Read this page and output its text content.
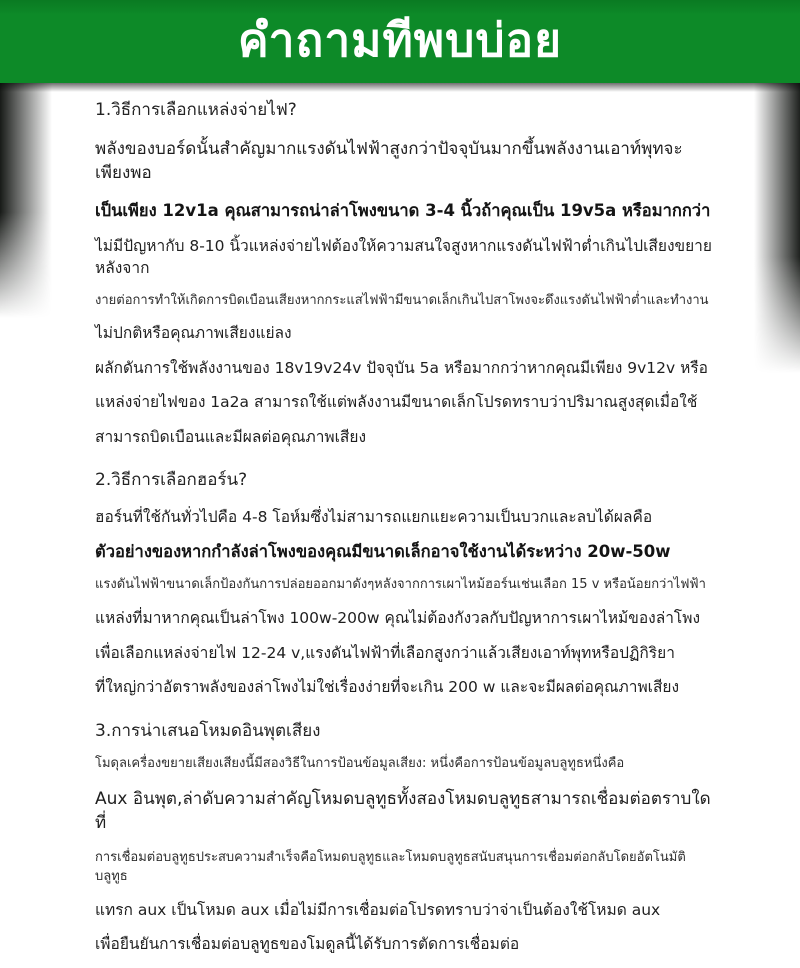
คำถามทีพบบ่อย
1.วิธีการเลือกแหล่งจ่ายไฟ?
พลังของบอร์ดนั้นสำคัญมากแรงดันไฟฟ้าสูงกว่าปัจจุบันมากขึ้นพลังงานเอาท์พุทจะเพียงพอ
เป็นเพียง 12v1a คุณสามารถน่าล่าโพงขนาด 3-4 นิ้วถ้าคุณเป็น 19v5a หรือมากกว่า
ไม่มีปัญหากับ 8-10 นิ้วแหล่งจ่ายไฟต้องให้ความสนใจสูงหากแรงดันไฟฟ้าต่ำเกินไปเสียงขยายหลังจาก
งายต่อการทำให้เกิดการบิดเบือนเสียงหากกระแสไฟฟ้ามีขนาดเล็กเกินไปสาโพงจะดึงแรงดันไฟฟ้าต่ำและทำงาน
ไม่ปกติหรือคุณภาพเสียงแย่ลง
ผลักดันการใช้พลังงานของ 18v19v24v ปัจจุบัน 5a หรือมากกว่าหากคุณมีเพียง 9v12v หรือ
แหล่งจ่ายไฟของ 1a2a สามารถใช้แต่พลังงานมีขนาดเล็กโปรดทราบว่าปริมาณสูงสุดเมื่อใช้
สามารถบิดเบือนและมีผลต่อคุณภาพเสียง
2.วิธีการเลือกฮอร์น?
ฮอร์นที่ใช้กันทั่วไปคือ 4-8 โอห์มซึ่งไม่สามารถแยกแยะความเป็นบวกและลบได้ผลคือ
ตัวอย่างของหากกำลังล่าโพงของคุณมีขนาดเล็กอาจใช้งานได้ระหว่าง 20w-50w
แรงดันไฟฟ้าขนาดเล็กป้องกันการปล่อยออกมาดังๆหลังจากการเผาไหม้ฮอร์นเช่นเลือก 15 v หรือน้อยกว่าไฟฟ้า
แหล่งที่มาหากคุณเป็นล่าโพง 100w-200w คุณไม่ต้องกังวลกับปัญหาการเผาไหม้ของล่าโพง
เพื่อเลือกแหล่งจ่ายไฟ 12-24 v,แรงดันไฟฟ้าที่เลือกสูงกว่าแล้วเสียงเอาท์พุทหรือปฏิกิริยา
ที่ใหญ่กว่าอัตราพลังของล่าโพงไม่ใช่เรื่องง่ายที่จะเกิน 200 w และจะมีผลต่อคุณภาพเสียง
3.การน่าเสนอโหมดอินพุตเสียง
โมดุลเครื่องขยายเสียงเสียงนี้มีสองวิธีในการป้อนข้อมูลเสียง: หนึ่งคือการป้อนข้อมูลบลูทูธหนึ่งคือ
Aux อินพุต,ล่าดับความส่าคัญโหมดบลูทูธทั้งสองโหมดบลูทูธสามารถเชื่อมต่อตราบใดที่
การเชื่อมต่อบลูทูธประสบความสำเร็จคือโหมดบลูทูธและโหมดบลูทูธสนับสนุนการเชื่อมต่อกลับโดยอัตโนมัติบลูทูธ
แทรก aux เป็นโหมด aux เมื่อไม่มีการเชื่อมต่อโปรดทราบว่าจ่าเป็นต้องใช้โหมด aux
เพื่อยืนยันการเชื่อมต่อบลูทูธของโมดูลนี้ได้รับการตัดการเชื่อมต่อ
